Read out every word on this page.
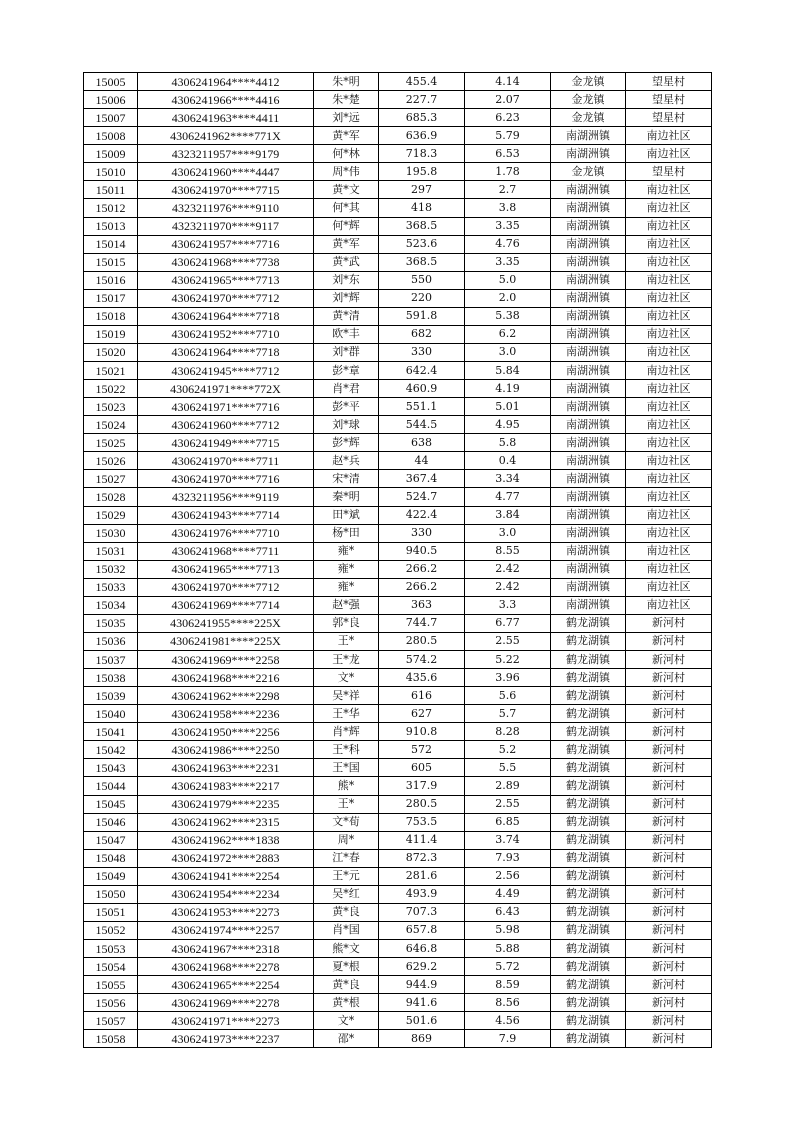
15005	4306241964****4412	朱*明	455.4	4.14	金龙镇	望星村
15006	4306241966****4416	朱*楚	227.7	2.07	金龙镇	望星村
15007	4306241963****4411	刘*远	685.3	6.23	金龙镇	望星村
15008	4306241962****771X	黄*军	636.9	5.79	南湖洲镇	南边社区
15009	4323211957****9179	何*林	718.3	6.53	南湖洲镇	南边社区
15010	4306241960****4447	周*伟	195.8	1.78	金龙镇	望星村
15011	4306241970****7715	黄*文	297	2.7	南湖洲镇	南边社区
15012	4323211976****9110	何*其	418	3.8	南湖洲镇	南边社区
15013	4323211970****9117	何*辉	368.5	3.35	南湖洲镇	南边社区
15014	4306241957****7716	黄*军	523.6	4.76	南湖洲镇	南边社区
15015	4306241968****7738	黄*武	368.5	3.35	南湖洲镇	南边社区
15016	4306241965****7713	刘*东	550	5.0	南湖洲镇	南边社区
15017	4306241970****7712	刘*辉	220	2.0	南湖洲镇	南边社区
15018	4306241964****7718	黄*清	591.8	5.38	南湖洲镇	南边社区
15019	4306241952****7710	欧*丰	682	6.2	南湖洲镇	南边社区
15020	4306241964****7718	刘*群	330	3.0	南湖洲镇	南边社区
15021	4306241945****7712	彭*章	642.4	5.84	南湖洲镇	南边社区
15022	4306241971****772X	肖*君	460.9	4.19	南湖洲镇	南边社区
15023	4306241971****7716	彭*平	551.1	5.01	南湖洲镇	南边社区
15024	4306241960****7712	刘*球	544.5	4.95	南湖洲镇	南边社区
15025	4306241949****7715	彭*辉	638	5.8	南湖洲镇	南边社区
15026	4306241970****7711	赵*兵	44	0.4	南湖洲镇	南边社区
15027	4306241970****7716	宋*清	367.4	3.34	南湖洲镇	南边社区
15028	4323211956****9119	秦*明	524.7	4.77	南湖洲镇	南边社区
15029	4306241943****7714	田*斌	422.4	3.84	南湖洲镇	南边社区
15030	4306241976****7710	杨*田	330	3.0	南湖洲镇	南边社区
15031	4306241968****7711	雍*	940.5	8.55	南湖洲镇	南边社区
15032	4306241965****7713	雍*	266.2	2.42	南湖洲镇	南边社区
15033	4306241970****7712	雍*	266.2	2.42	南湖洲镇	南边社区
15034	4306241969****7714	赵*强	363	3.3	南湖洲镇	南边社区
15035	4306241955****225X	郭*良	744.7	6.77	鹤龙湖镇	新河村
15036	4306241981****225X	王*	280.5	2.55	鹤龙湖镇	新河村
15037	4306241969****2258	王*龙	574.2	5.22	鹤龙湖镇	新河村
15038	4306241968****2216	文*	435.6	3.96	鹤龙湖镇	新河村
15039	4306241962****2298	吴*祥	616	5.6	鹤龙湖镇	新河村
15040	4306241958****2236	王*华	627	5.7	鹤龙湖镇	新河村
15041	4306241950****2256	肖*辉	910.8	8.28	鹤龙湖镇	新河村
15042	4306241986****2250	王*科	572	5.2	鹤龙湖镇	新河村
15043	4306241963****2231	王*国	605	5.5	鹤龙湖镇	新河村
15044	4306241983****2217	熊*	317.9	2.89	鹤龙湖镇	新河村
15045	4306241979****2235	王*	280.5	2.55	鹤龙湖镇	新河村
15046	4306241962****2315	文*荀	753.5	6.85	鹤龙湖镇	新河村
15047	4306241962****1838	周*	411.4	3.74	鹤龙湖镇	新河村
15048	4306241972****2883	江*春	872.3	7.93	鹤龙湖镇	新河村
15049	4306241941****2254	王*元	281.6	2.56	鹤龙湖镇	新河村
15050	4306241954****2234	吴*红	493.9	4.49	鹤龙湖镇	新河村
15051	4306241953****2273	黄*良	707.3	6.43	鹤龙湖镇	新河村
15052	4306241974****2257	肖*国	657.8	5.98	鹤龙湖镇	新河村
15053	4306241967****2318	熊*文	646.8	5.88	鹤龙湖镇	新河村
15054	4306241968****2278	夏*根	629.2	5.72	鹤龙湖镇	新河村
15055	4306241965****2254	黄*良	944.9	8.59	鹤龙湖镇	新河村
15056	4306241969****2278	黄*根	941.6	8.56	鹤龙湖镇	新河村
15057	4306241971****2273	文*	501.6	4.56	鹤龙湖镇	新河村
15058	4306241973****2237	邵*	869	7.9	鹤龙湖镇	新河村
